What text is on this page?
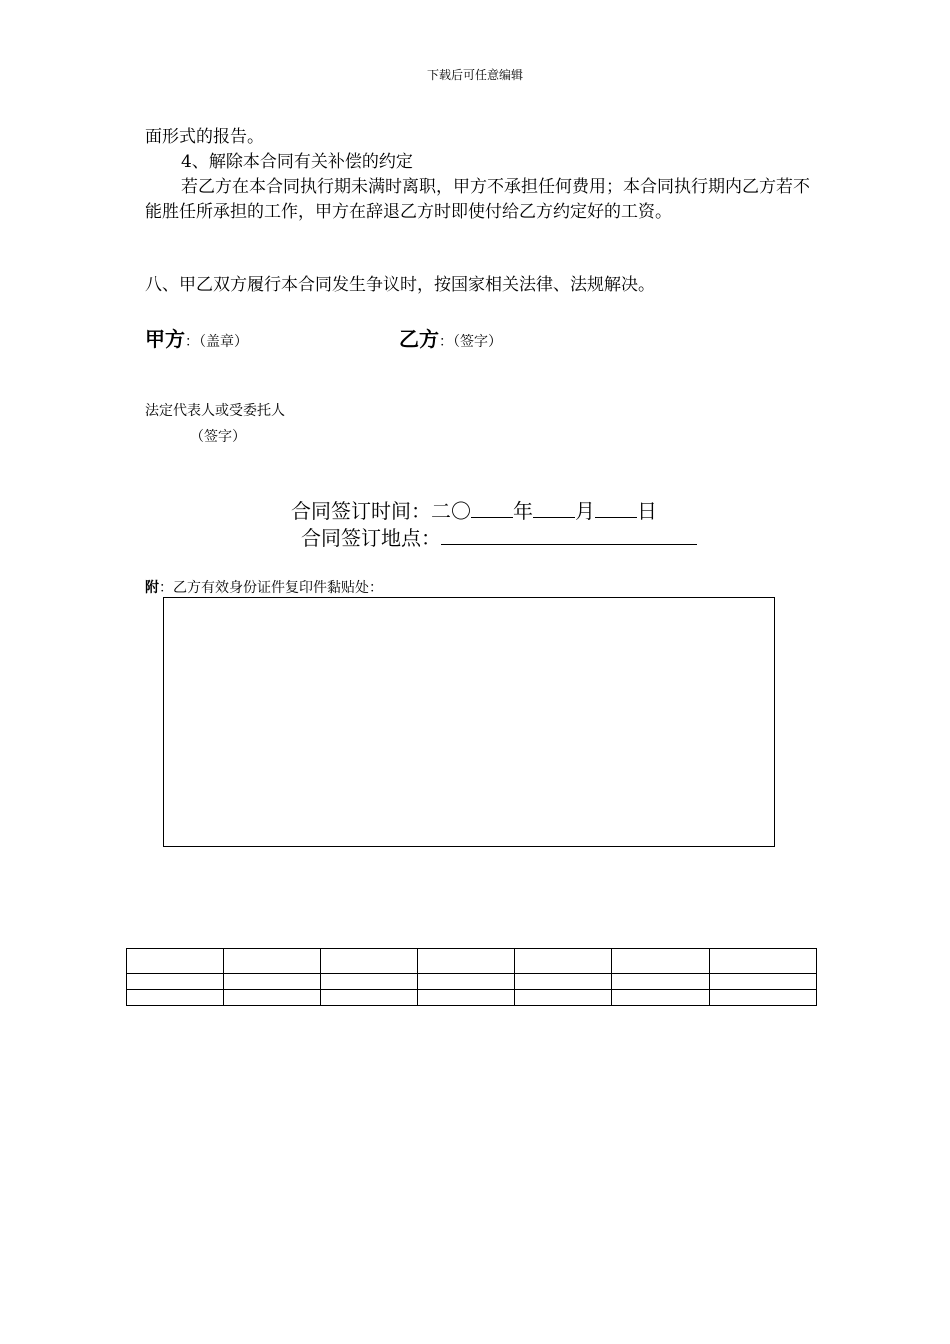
下载后可任意编辑
面形式的报告。
4、解除本合同有关补偿的约定
若乙方在本合同执行期未满时离职，甲方不承担任何费用；本合同执行期内乙方若不能胜任所承担的工作，甲方在辞退乙方时即使付给乙方约定好的工资。
八、甲乙双方履行本合同发生争议时，按国家相关法律、法规解决。
甲方：（盖章）	乙方：（签字）
法定代表人或受委托人
（签字）
合同签订时间：二〇 年 月 日
合同签订地点：
附：乙方有效身份证件复印件黏贴处：
